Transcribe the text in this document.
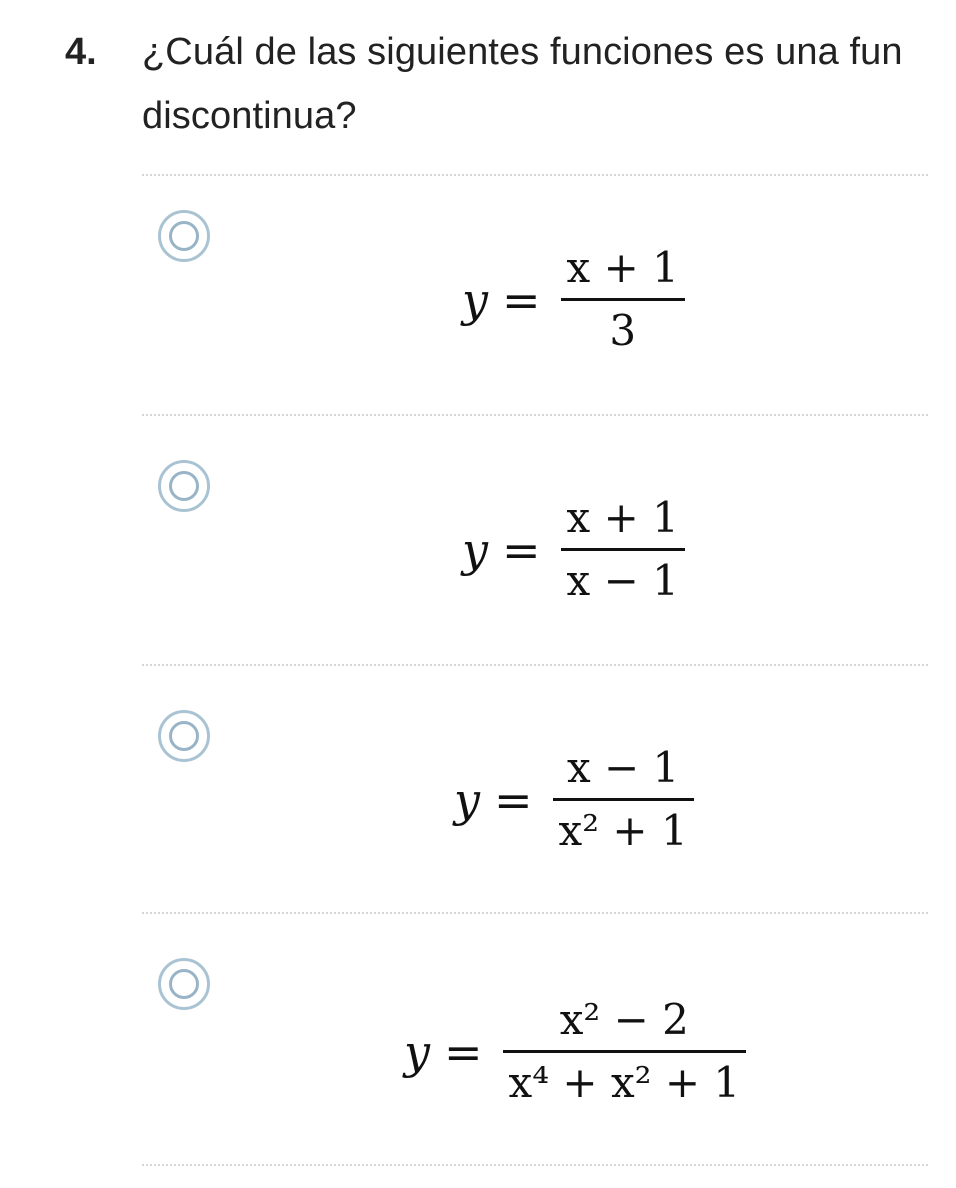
4. ¿Cuál de las siguientes funciones es una fun
discontinua?
$y = \frac{x + 1}{3}$
$y = \frac{x + 1}{x - 1}$
$y = \frac{x - 1}{\text{x² + 1}}$
$y = \frac{\text{x² − 2}}{\text{x⁴ + x² + 1}}$
